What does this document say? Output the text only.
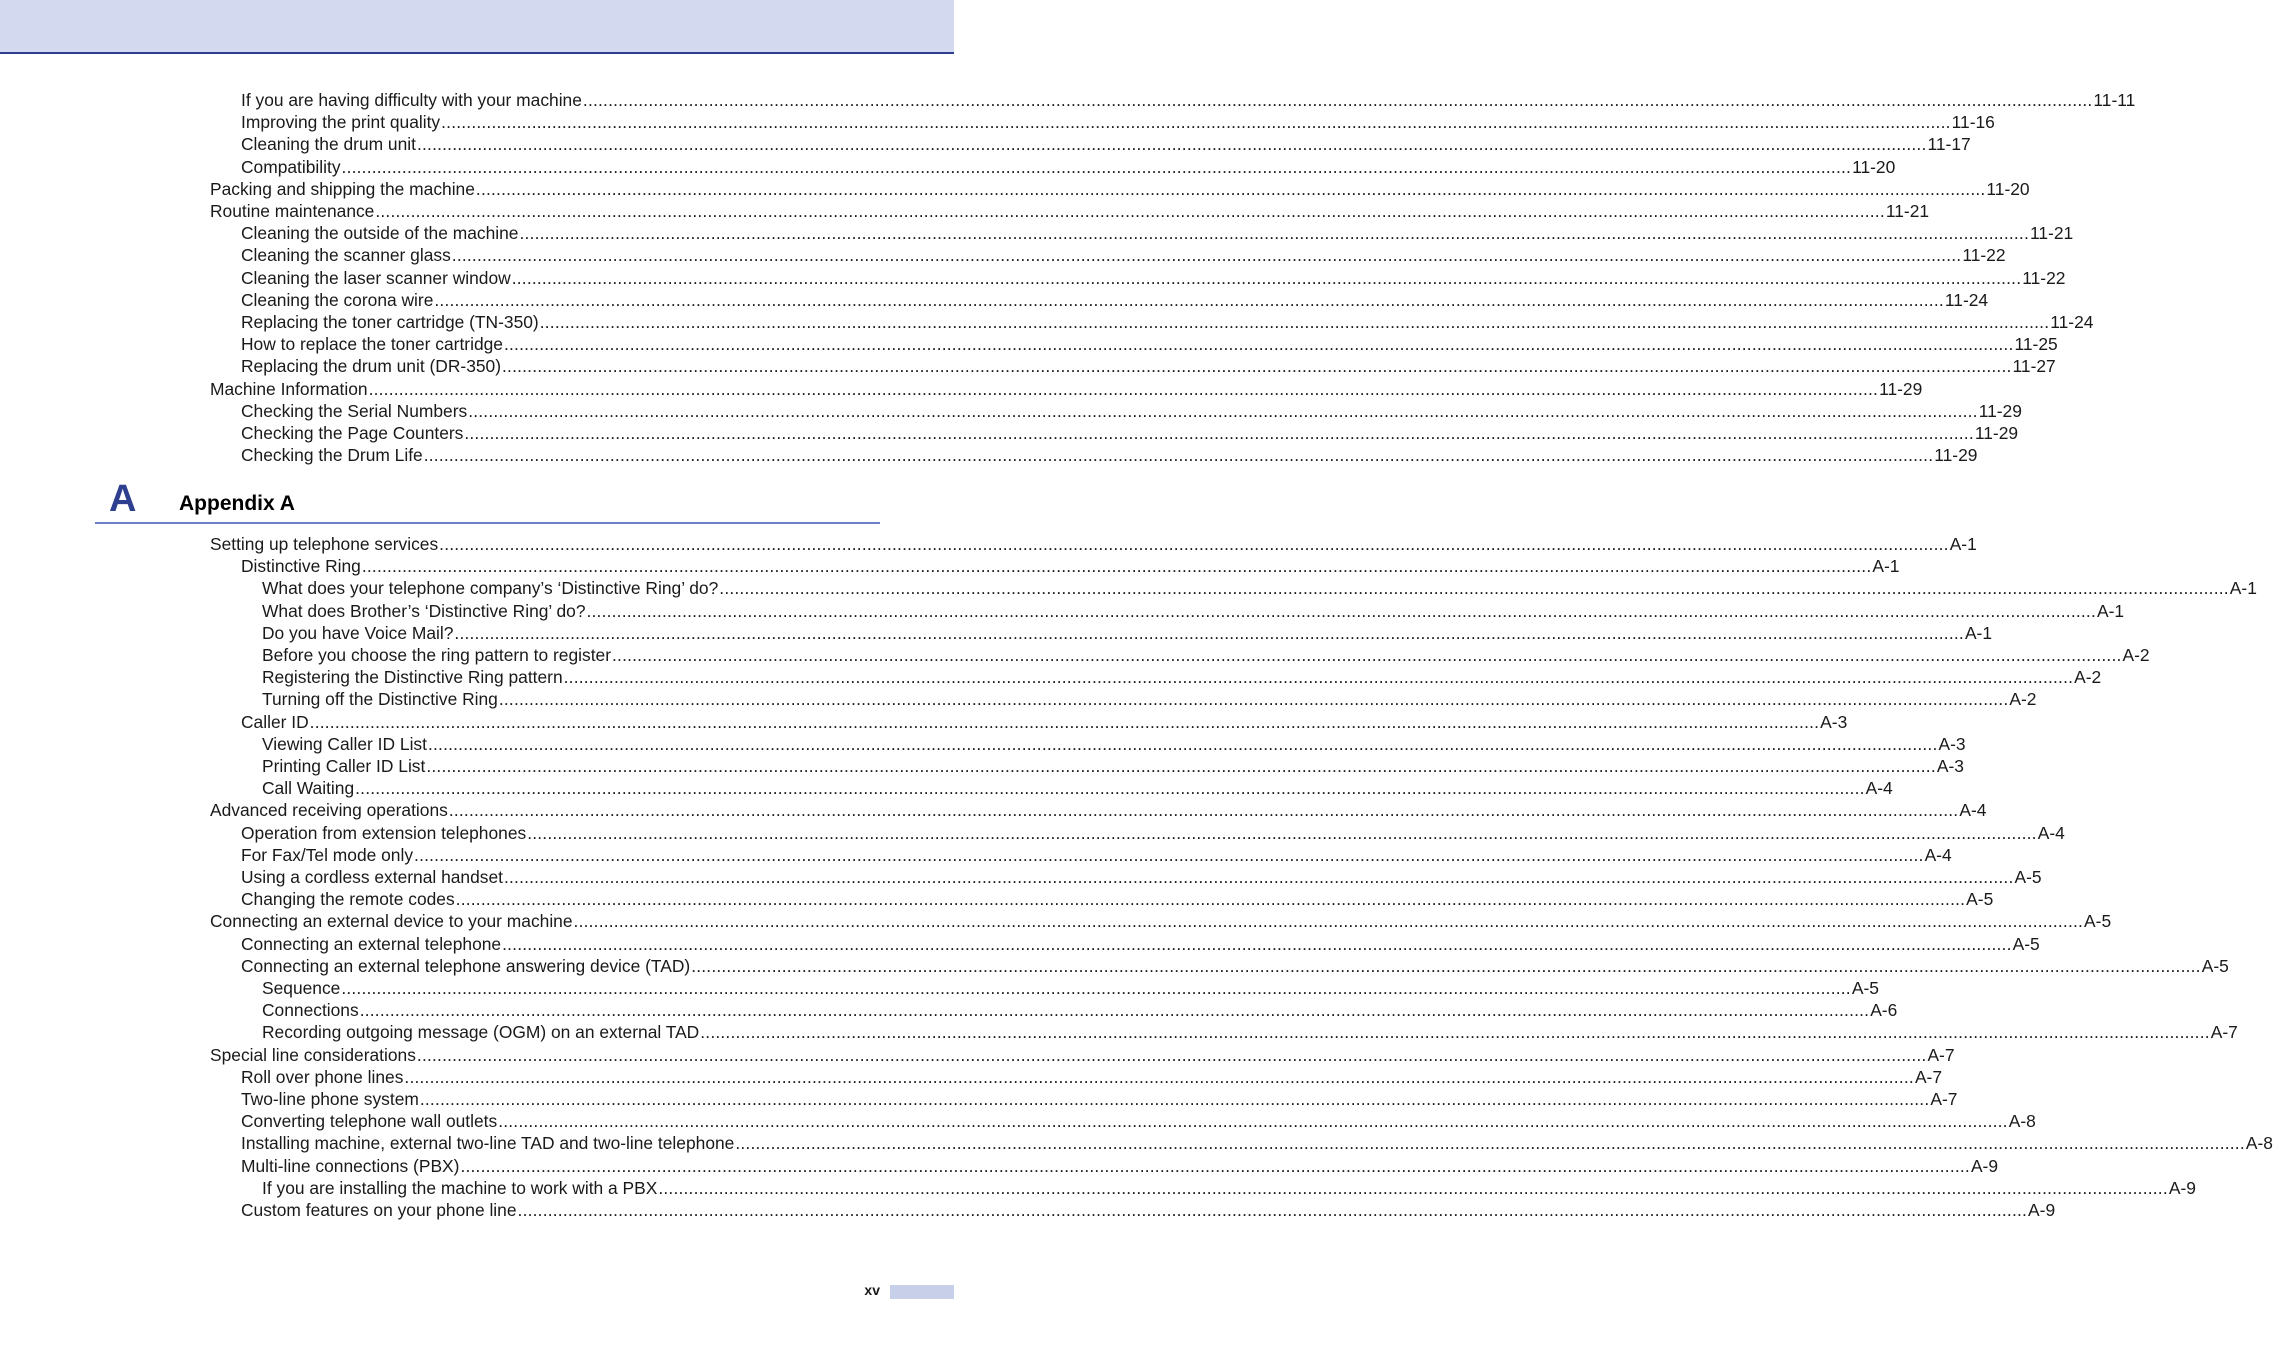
If you are having difficulty with your machine ............................................................................................................................................................................................................................................................................................................ 11-11
Improving the print quality ............................................................................................................................................................................................................................................................................................................ 11-16
Cleaning the drum unit ............................................................................................................................................................................................................................................................................................................ 11-17
Compatibility ............................................................................................................................................................................................................................................................................................................ 11-20
Packing and shipping the machine ............................................................................................................................................................................................................................................................................................................ 11-20
Routine maintenance ............................................................................................................................................................................................................................................................................................................ 11-21
Cleaning the outside of the machine ............................................................................................................................................................................................................................................................................................................ 11-21
Cleaning the scanner glass ............................................................................................................................................................................................................................................................................................................ 11-22
Cleaning the laser scanner window ............................................................................................................................................................................................................................................................................................................ 11-22
Cleaning the corona wire ............................................................................................................................................................................................................................................................................................................ 11-24
Replacing the toner cartridge (TN-350) ............................................................................................................................................................................................................................................................................................................ 11-24
How to replace the toner cartridge ............................................................................................................................................................................................................................................................................................................ 11-25
Replacing the drum unit (DR-350) ............................................................................................................................................................................................................................................................................................................ 11-27
Machine Information ............................................................................................................................................................................................................................................................................................................ 11-29
Checking the Serial Numbers ............................................................................................................................................................................................................................................................................................................ 11-29
Checking the Page Counters ............................................................................................................................................................................................................................................................................................................ 11-29
Checking the Drum Life ............................................................................................................................................................................................................................................................................................................ 11-29
A Appendix A
Setting up telephone services ............................................................................................................................................................................................................................................................................................................ A-1
Distinctive Ring ............................................................................................................................................................................................................................................................................................................ A-1
What does your telephone company’s ‘Distinctive Ring’ do? ............................................................................................................................................................................................................................................................................................................ A-1
What does Brother’s ‘Distinctive Ring’ do? ............................................................................................................................................................................................................................................................................................................ A-1
Do you have Voice Mail? ............................................................................................................................................................................................................................................................................................................ A-1
Before you choose the ring pattern to register ............................................................................................................................................................................................................................................................................................................ A-2
Registering the Distinctive Ring pattern ............................................................................................................................................................................................................................................................................................................ A-2
Turning off the Distinctive Ring ............................................................................................................................................................................................................................................................................................................ A-2
Caller ID ............................................................................................................................................................................................................................................................................................................ A-3
Viewing Caller ID List ............................................................................................................................................................................................................................................................................................................ A-3
Printing Caller ID List ............................................................................................................................................................................................................................................................................................................ A-3
Call Waiting ............................................................................................................................................................................................................................................................................................................ A-4
Advanced receiving operations ............................................................................................................................................................................................................................................................................................................ A-4
Operation from extension telephones ............................................................................................................................................................................................................................................................................................................ A-4
For Fax/Tel mode only ............................................................................................................................................................................................................................................................................................................ A-4
Using a cordless external handset ............................................................................................................................................................................................................................................................................................................ A-5
Changing the remote codes ............................................................................................................................................................................................................................................................................................................ A-5
Connecting an external device to your machine ............................................................................................................................................................................................................................................................................................................ A-5
Connecting an external telephone ............................................................................................................................................................................................................................................................................................................ A-5
Connecting an external telephone answering device (TAD) ............................................................................................................................................................................................................................................................................................................ A-5
Sequence ............................................................................................................................................................................................................................................................................................................ A-5
Connections ............................................................................................................................................................................................................................................................................................................ A-6
Recording outgoing message (OGM) on an external TAD ............................................................................................................................................................................................................................................................................................................ A-7
Special line considerations ............................................................................................................................................................................................................................................................................................................ A-7
Roll over phone lines ............................................................................................................................................................................................................................................................................................................ A-7
Two-line phone system ............................................................................................................................................................................................................................................................................................................ A-7
Converting telephone wall outlets ............................................................................................................................................................................................................................................................................................................ A-8
Installing machine, external two-line TAD and two-line telephone ............................................................................................................................................................................................................................................................................................................ A-8
Multi-line connections (PBX) ............................................................................................................................................................................................................................................................................................................ A-9
If you are installing the machine to work with a PBX ............................................................................................................................................................................................................................................................................................................ A-9
Custom features on your phone line ............................................................................................................................................................................................................................................................................................................ A-9
xv
